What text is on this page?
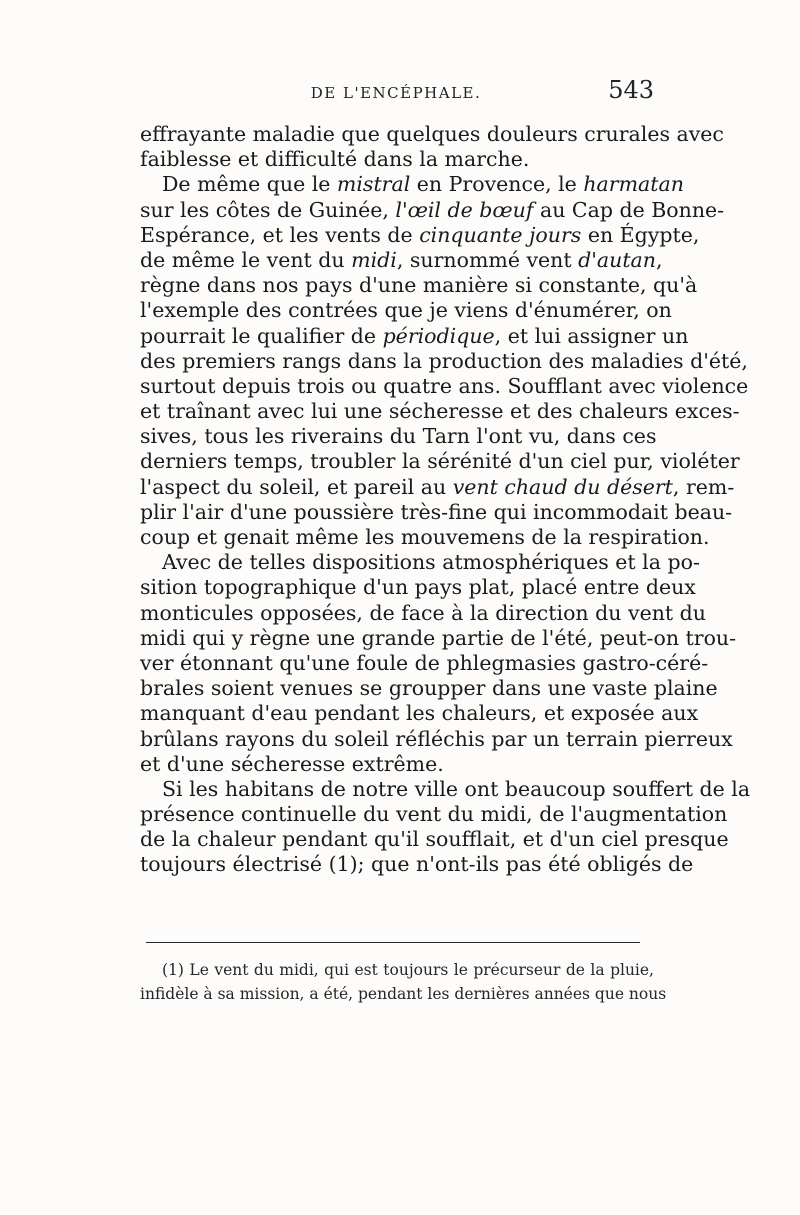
DE L'ENCÉPHALE.	543
effrayante maladie que quelques douleurs crurales avec
faiblesse et difficulté dans la marche.
De même que le mistral en Provence, le harmatan
sur les côtes de Guinée, l'œil de bœuf au Cap de Bonne-
Espérance, et les vents de cinquante jours en Égypte,
de même le vent du midi, surnommé vent d'autan,
règne dans nos pays d'une manière si constante, qu'à
l'exemple des contrées que je viens d'énumérer, on
pourrait le qualifier de périodique, et lui assigner un
des premiers rangs dans la production des maladies d'été,
surtout depuis trois ou quatre ans. Soufflant avec violence
et traînant avec lui une sécheresse et des chaleurs exces-
sives, tous les riverains du Tarn l'ont vu, dans ces
derniers temps, troubler la sérénité d'un ciel pur, violéter
l'aspect du soleil, et pareil au vent chaud du désert, rem-
plir l'air d'une poussière très-fine qui incommodait beau-
coup et genait même les mouvemens de la respiration.
Avec de telles dispositions atmosphériques et la po-
sition topographique d'un pays plat, placé entre deux
monticules opposées, de face à la direction du vent du
midi qui y règne une grande partie de l'été, peut-on trou-
ver étonnant qu'une foule de phlegmasies gastro-céré-
brales soient venues se groupper dans une vaste plaine
manquant d'eau pendant les chaleurs, et exposée aux
brûlans rayons du soleil réfléchis par un terrain pierreux
et d'une sécheresse extrême.
Si les habitans de notre ville ont beaucoup souffert de la
présence continuelle du vent du midi, de l'augmentation
de la chaleur pendant qu'il soufflait, et d'un ciel presque
toujours électrisé (1); que n'ont-ils pas été obligés de
(1) Le vent du midi, qui est toujours le précurseur de la pluie,
infidèle à sa mission, a été, pendant les dernières années que nous
